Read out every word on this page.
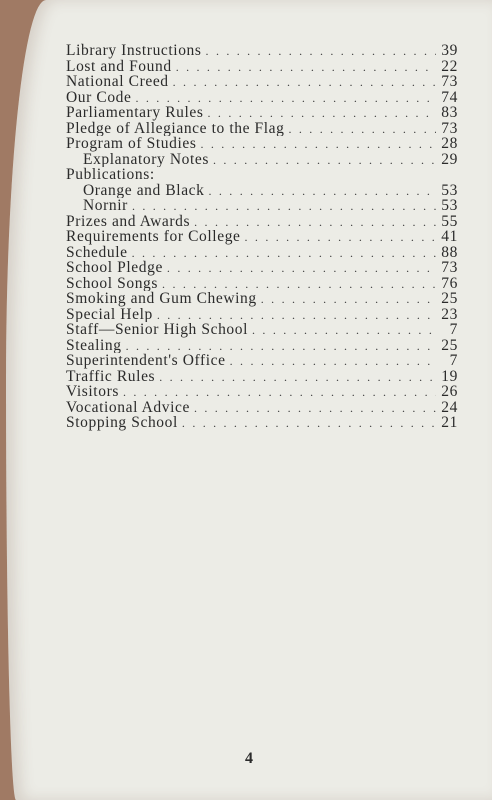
Library Instructions . . .	39
Lost and Found . . .	22
National Creed . . .	73
Our Code . . .	74
Parliamentary Rules . . .	83
Pledge of Allegiance to the Flag . . .	73
Program of Studies . . .	28
Explanatory Notes . . .	29
Publications:
Orange and Black . . .	53
Nornir . . .	53
Prizes and Awards . . .	55
Requirements for College . . .	41
Schedule . . .	88
School Pledge . . .	73
School Songs . . .	76
Smoking and Gum Chewing . . .	25
Special Help . . .	23
Staff—Senior High School . . .	7
Stealing . . .	25
Superintendent's Office . . .	7
Traffic Rules . . .	19
Visitors . . .	26
Vocational Advice . . .	24
Stopping School . . .	21
4
